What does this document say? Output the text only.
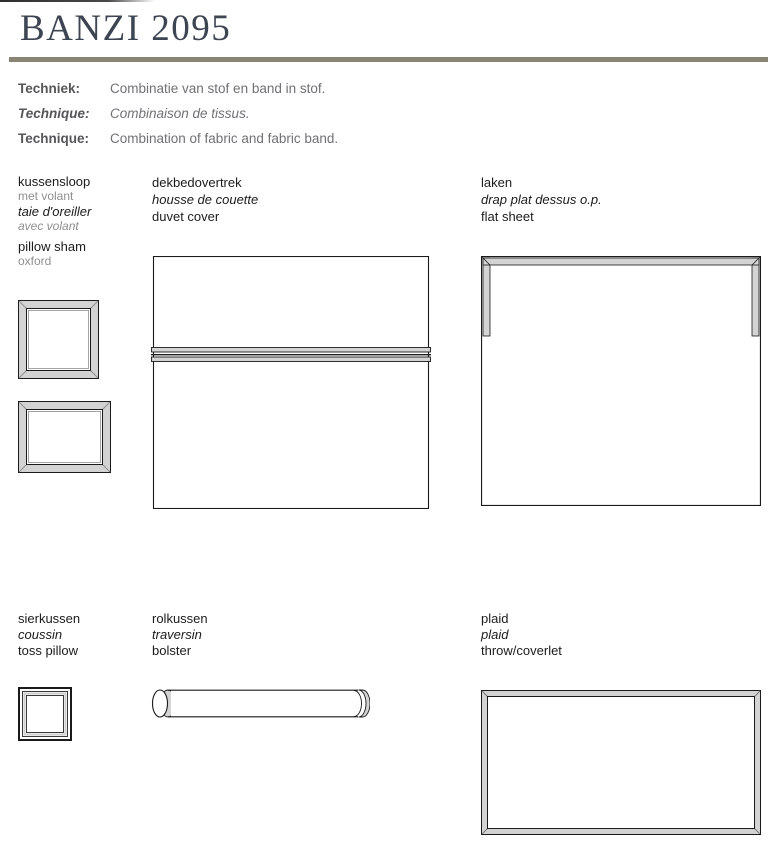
BANZI 2095
Techniek: Combinatie van stof en band in stof.
Technique: Combinaison de tissus.
Technique: Combination of fabric and fabric band.
kussensloop
met volant
taie d'oreiller
avec volant
pillow sham
oxford
dekbedovertrek
housse de couette
duvet cover
laken
drap plat dessus o.p.
flat sheet
sierkussen
coussin
toss pillow
rolkussen
traversin
bolster
plaid
plaid
throw/coverlet
